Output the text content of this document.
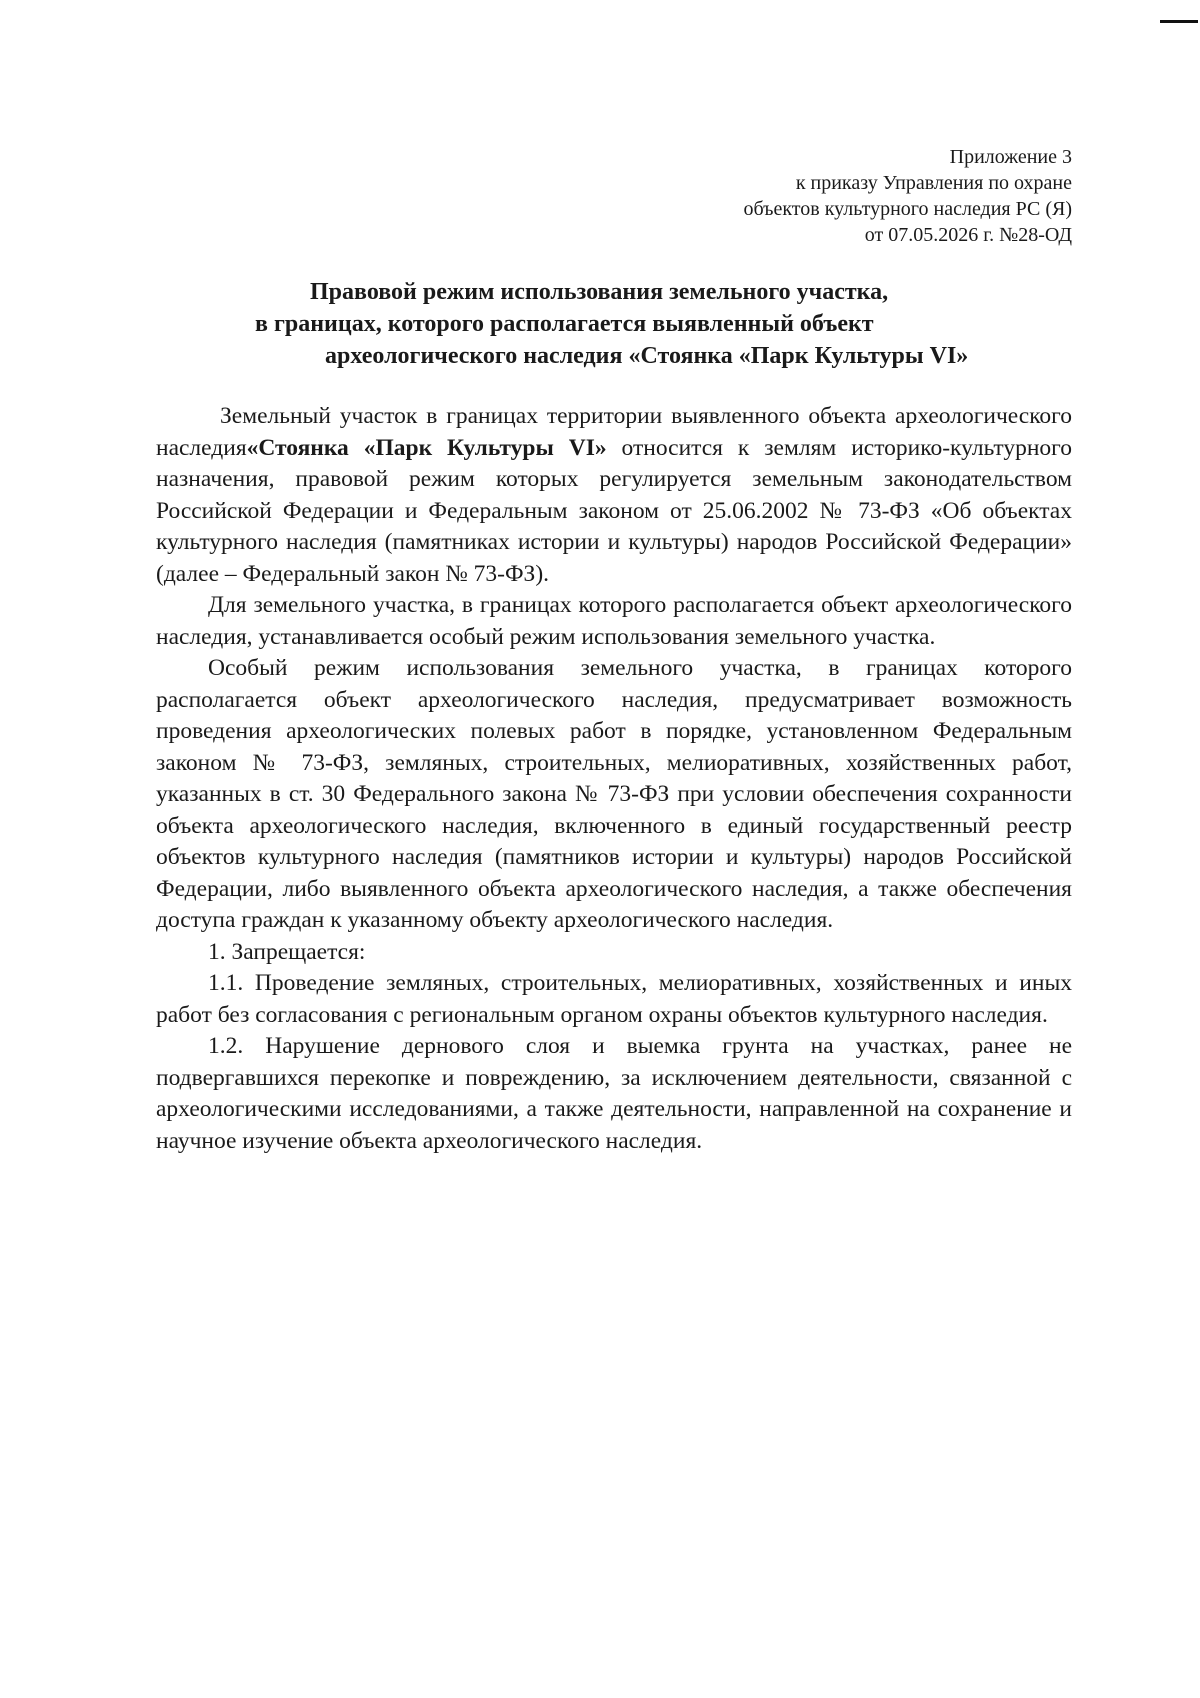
Приложение 3
к приказу Управления по охране
объектов культурного наследия РС (Я)
от 07.05.2026 г. №28-ОД
Правовой режим использования земельного участка,
в границах, которого располагается выявленный объект
археологического наследия «Стоянка «Парк Культуры VI»

Земельный участок в границах территории выявленного объекта археологического наследия«Стоянка «Парк Культуры VI» относится к землям историко-культурного назначения, правовой режим которых регулируется земельным законодательством Российской Федерации и Федеральным законом от 25.06.2002 № 73-ФЗ «Об объектах культурного наследия (памятниках истории и культуры) народов Российской Федерации» (далее – Федеральный закон № 73-ФЗ).

Для земельного участка, в границах которого располагается объект археологического наследия, устанавливается особый режим использования земельного участка.

Особый режим использования земельного участка, в границах которого располагается объект археологического наследия, предусматривает возможность проведения археологических полевых работ в порядке, установленном Федеральным законом № 73-ФЗ, земляных, строительных, мелиоративных, хозяйственных работ, указанных в ст. 30 Федерального закона № 73-ФЗ при условии обеспечения сохранности объекта археологического наследия, включенного в единый государственный реестр объектов культурного наследия (памятников истории и культуры) народов Российской Федерации, либо выявленного объекта археологического наследия, а также обеспечения доступа граждан к указанному объекту археологического наследия.

1. Запрещается:

1.1. Проведение земляных, строительных, мелиоративных, хозяйственных и иных работ без согласования с региональным органом охраны объектов культурного наследия.

1.2. Нарушение дернового слоя и выемка грунта на участках, ранее не подвергавшихся перекопке и повреждению, за исключением деятельности, связанной с археологическими исследованиями, а также деятельности, направленной на сохранение и научное изучение объекта археологического наследия.
